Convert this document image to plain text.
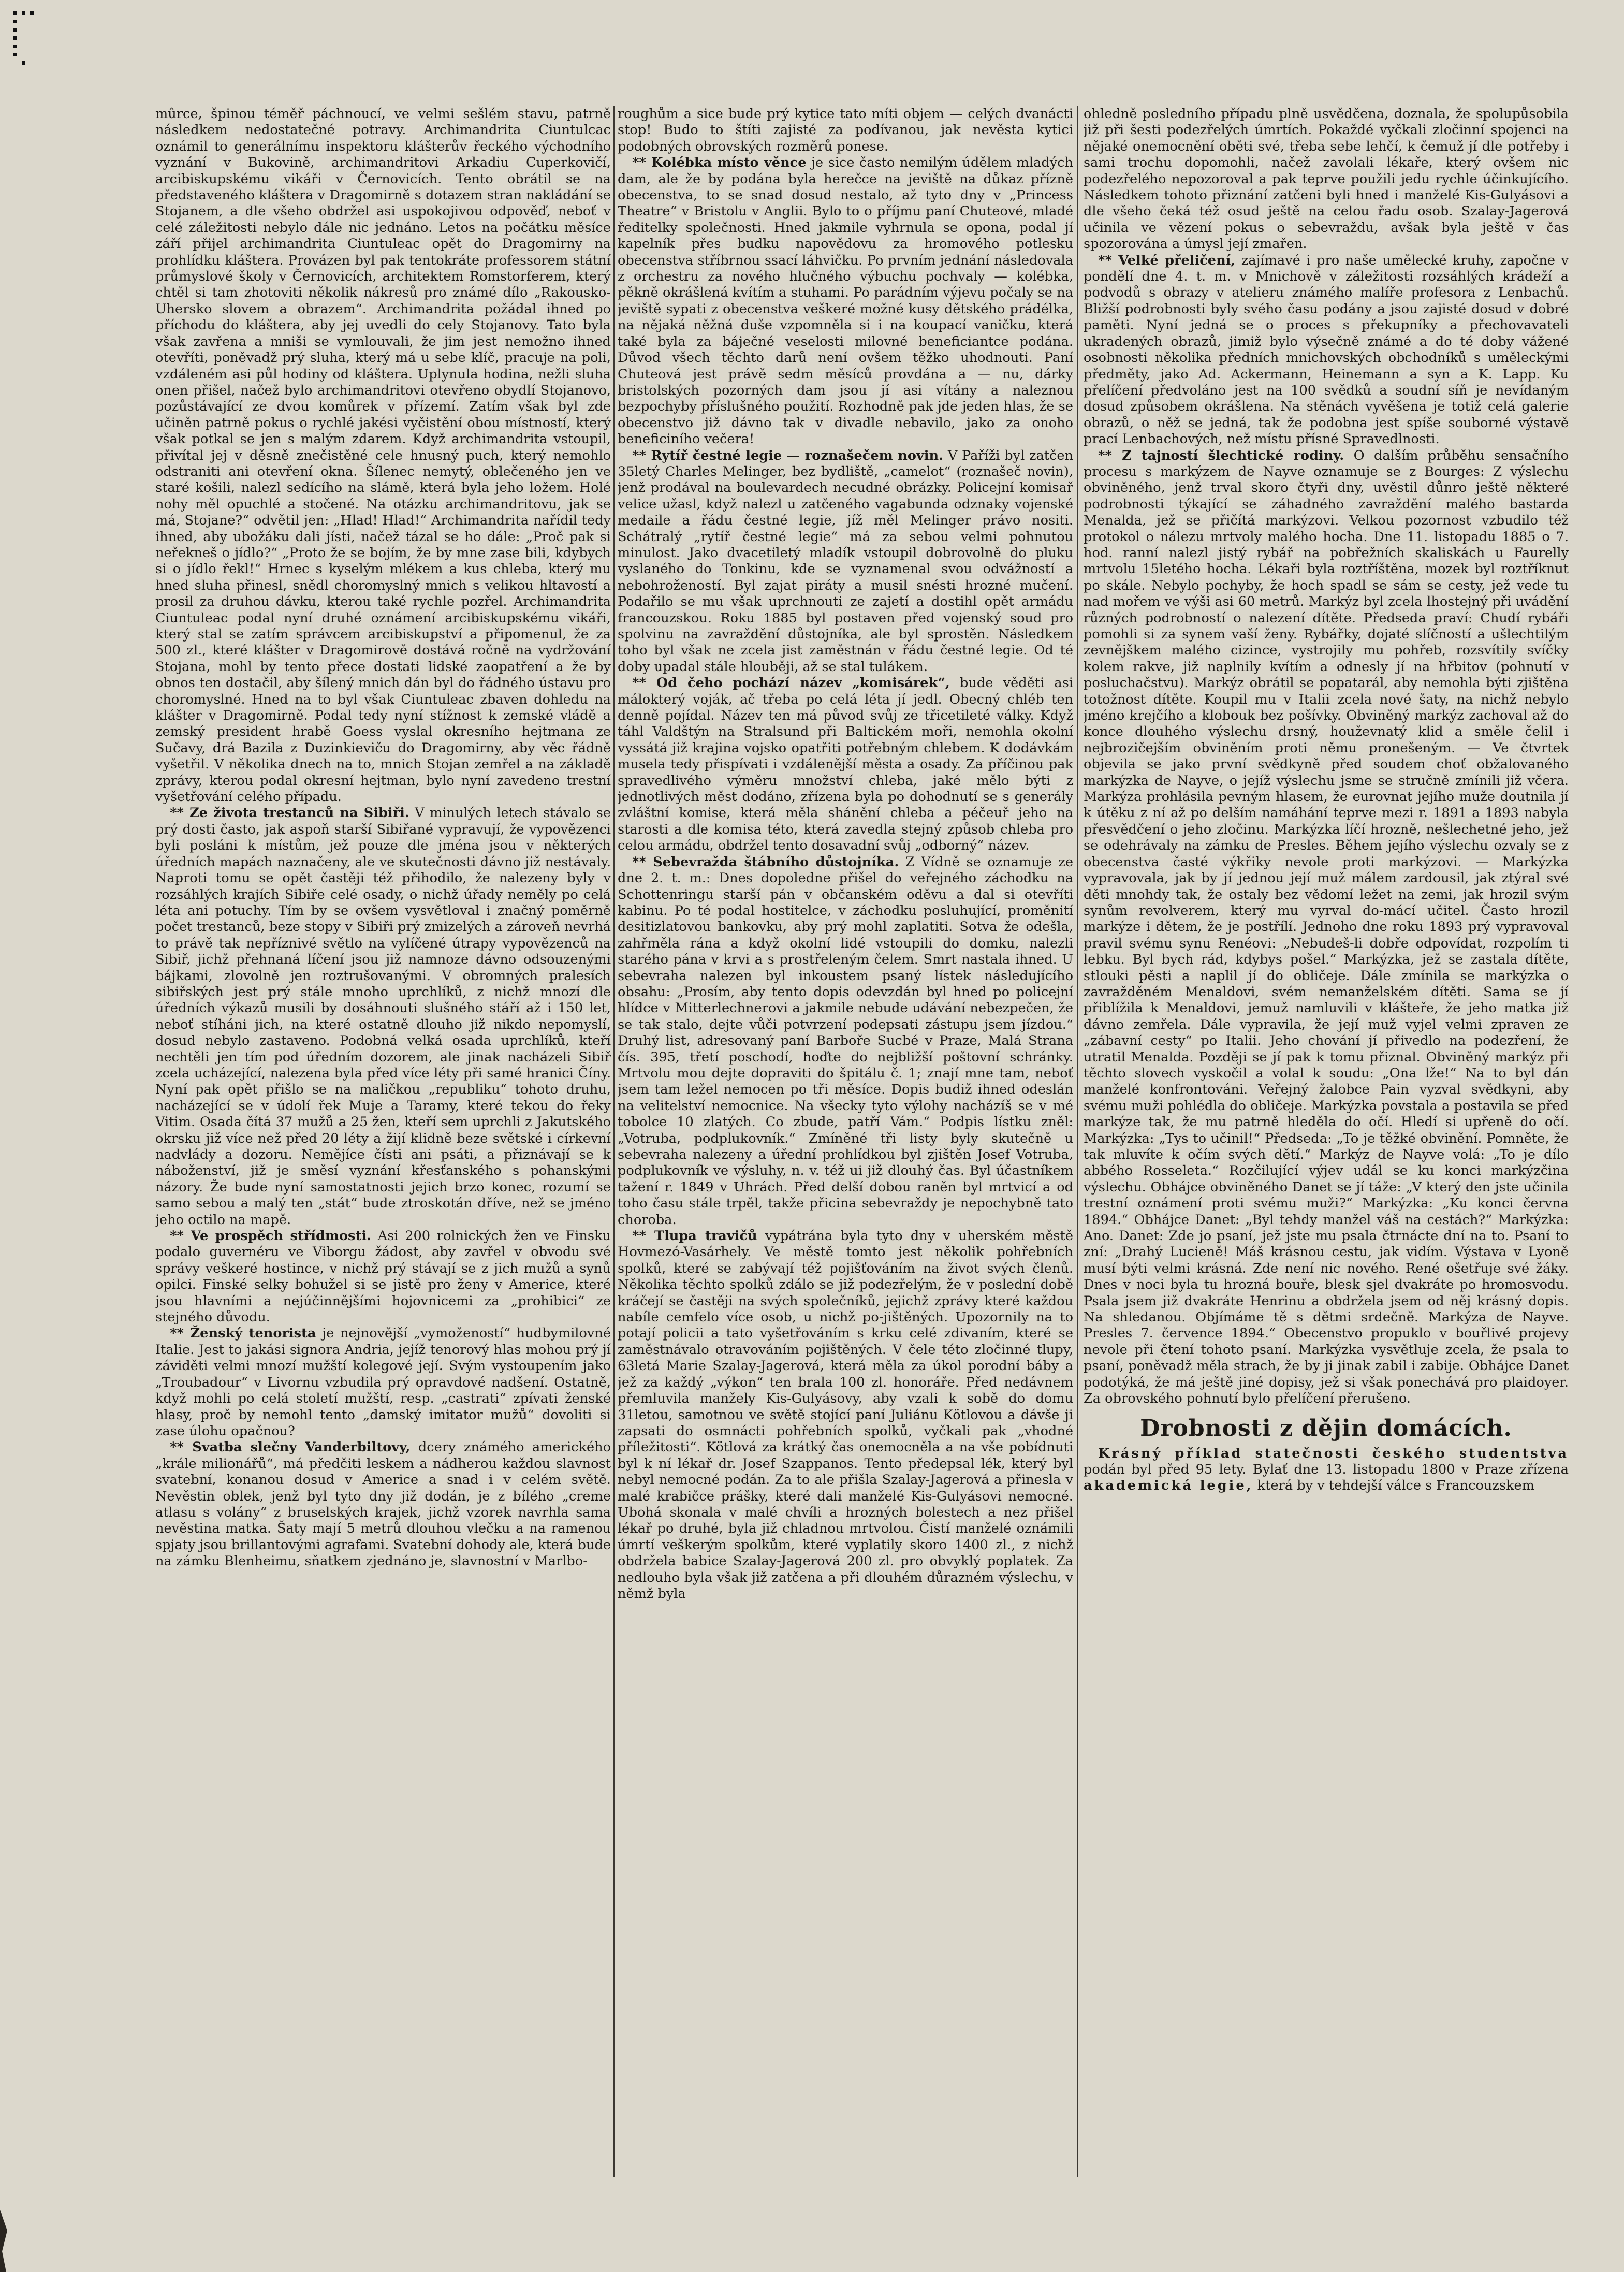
mûrce, špinou téměř páchnoucí, ve velmi sešlém stavu, patrně následkem nedostatečné potravy. Archimandrita Ciuntulcac oznámil to generálnímu inspektoru klášterův řeckého východního vyznání v Bukovině, archimandritovi Arkadiu Cuperkovičí, arcibiskupskému vikáři v Černovicích. Tento obrátil se na představeného kláštera v Dragomirně s dotazem stran nakládání se Stojanem, a dle všeho obdržel asi uspokojivou odpověď, neboť v celé záležitosti nebylo dále nic jednáno. Letos na počátku měsíce září přijel archimandrita Ciuntuleac opět do Dragomirny na prohlídku kláštera. Provázen byl pak tentokráte professorem státní průmyslové školy v Černovicích, architektem Romstorferem, který chtěl si tam zhotoviti několik nákresů pro známé dílo „Rakousko-Uhersko slovem a obrazem“. Archimandrita požádal ihned po příchodu do kláštera, aby jej uvedli do cely Stojanovy. Tato byla však zavřena a mniši se vymlouvali, že jim jest nemožno ihned otevříti, poněvadž prý sluha, který má u sebe klíč, pracuje na poli, vzdáleném asi půl hodiny od kláštera. Uplynula hodina, nežli sluha onen přišel, načež bylo archimandritovi otevřeno obydlí Stojanovo, pozůstávající ze dvou komůrek v přízemí. Zatím však byl zde učiněn patrně pokus o rychlé jakési vyčistění obou místností, který však potkal se jen s malým zdarem. Když archimandrita vstoupil, přivítal jej v děsně znečistěné cele hnusný puch, který nemohlo odstraniti ani otevření okna. Šílenec nemytý, oblečeného jen ve staré košili, nalezl sedícího na slámě, která byla jeho ložem. Holé nohy měl opuchlé a stočené. Na otázku archimandritovu, jak se má, Stojane?“ odvětil jen: „Hlad! Hlad!“ Archimandrita nařídil tedy ihned, aby ubožáku dali jísti, načež tázal se ho dále: „Proč pak si neřekneš o jídlo?“ „Proto že se bojím, že by mne zase bili, kdybych si o jídlo řekl!“ Hrnec s kyselým mlékem a kus chleba, který mu hned sluha přinesl, snědl choromyslný mnich s velikou hltavostí a prosil za druhou dávku, kterou také rychle pozřel. Archimandrita Ciuntuleac podal nyní druhé oznámení arcibiskupskému vikáři, který stal se zatím správcem arcibiskupství a připomenul, že za 500 zl., které klášter v Dragomirově dostává ročně na vydržování Stojana, mohl by tento přece dostati lidské zaopatření a že by obnos ten dostačil, aby šílený mnich dán byl do řádného ústavu pro choromyslné. Hned na to byl však Ciuntuleac zbaven dohledu na klášter v Dragomirně. Podal tedy nyní stížnost k zemské vládě a zemský president hrabě Goess vyslal okresního hejtmana ze Sučavy, drá Bazila z Duzinkieviču do Dragomirny, aby věc řádně vyšetřil. V několika dnech na to, mnich Stojan zemřel a na základě zprávy, kterou podal okresní hejtman, bylo nyní zavedeno trestní vyšetřování celého případu.

** Ze života trestanců na Sibiři. V minulých letech stávalo se prý dosti často, jak aspoň starší Sibiřané vypravují, že vypovězenci byli posláni k místům, jež pouze dle jména jsou v některých úředních mapách naznačeny, ale ve skutečnosti dávno již nestávaly. Naproti tomu se opět častěji též přihodilo, že nalezeny byly v rozsáhlých krajích Sibiře celé osady, o nichž úřady neměly po celá léta ani potuchy. Tím by se ovšem vysvětloval i značný poměrně počet trestanců, beze stopy v Sibiři prý zmizelých a zároveň nevrhá to právě tak nepříznivé světlo na vylíčené útrapy vypovězenců na Sibiř, jichž přehnaná líčení jsou již namnoze dávno odsouzenými bájkami, zlovolně jen roztrušovanými. V obromných pralesích sibiřských jest prý stále mnoho uprchlíků, z nichž mnozí dle úředních výkazů musili by dosáhnouti slušného stáří až i 150 let, neboť stíháni jich, na které ostatně dlouho již nikdo nepomyslí, dosud nebylo zastaveno. Podobná velká osada uprchlíků, kteří nechtěli jen tím pod úředním dozorem, ale jinak nacházeli Sibiř zcela ucházející, nalezena byla před více léty při samé hranici Číny. Nyní pak opět přišlo se na maličkou „republiku“ tohoto druhu, nacházející se v údolí řek Muje a Taramy, které tekou do řeky Vitim. Osada čítá 37 mužů a 25 žen, kteří sem uprchli z Jakutského okrsku již více než před 20 léty a žijí klidně beze světské i církevní nadvlády a dozoru. Nemějíce čísti ani psáti, a přiznávají se k náboženství, již je směsí vyznání křesťanského s pohanskými názory. Že bude nyní samostatnosti jejich brzo konec, rozumí se samo sebou a malý ten „stát“ bude ztroskotán dříve, než se jméno jeho octilo na mapě.

** Ve prospěch střídmosti. Asi 200 rolnických žen ve Finsku podalo guvernéru ve Viborgu žádost, aby zavřel v obvodu své správy veškeré hostince, v nichž prý stávají se z jich mužů a synů opilci. Finské selky bohužel si se jistě pro ženy v Americe, které jsou hlavními a nejúčinnějšími hojovnicemi za „prohibici“ ze stejného důvodu.

** Ženský tenorista je nejnovější „vymožeností“ hudbymilovné Italie. Jest to jakási signora Andria, jejíž tenorový hlas mohou prý jí záviděti velmi mnozí mužští kolegové její. Svým vystoupením jako „Troubadour“ v Livornu vzbudila prý opravdové nadšení. Ostatně, když mohli po celá století mužští, resp. „castrati“ zpívati ženské hlasy, proč by nemohl tento „damský imitator mužů“ dovoliti si zase úlohu opačnou?

** Svatba slečny Vanderbiltovy, dcery známého amerického „krále milionářů“, má předčiti leskem a nádherou každou slavnost svatební, konanou dosud v Americe a snad i v celém světě. Nevěstin oblek, jenž byl tyto dny již dodán, je z bílého „creme atlasu s volány“ z bruselských krajek, jichž vzorek navrhla sama nevěstina matka. Šaty mají 5 metrů dlouhou vlečku a na ramenou spjaty jsou brillantovými agrafami. Svatební dohody ale, která bude na zámku Blenheimu, sňatkem zjednáno je, slavnostní v Marlbo-

roughům a sice bude prý kytice tato míti objem — celých dvanácti stop! Budo to štíti zajisté za podívanou, jak nevěsta kytici podobných obrovských rozměrů ponese.

** Kolébka místo věnce je sice často nemilým údělem mladých dam, ale že by podána byla herečce na jeviště na důkaz přízně obecenstva, to se snad dosud nestalo, až tyto dny v „Princess Theatre“ v Bristolu v Anglii. Bylo to o příjmu paní Chuteové, mladé ředitelky společnosti. Hned jakmile vyhrnula se opona, podal jí kapelník přes budku napovědovu za hromového potlesku obecenstva stříbrnou ssací láhvičku. Po prvním jednání následovala z orchestru za nového hlučného výbuchu pochvaly — kolébka, pěkně okrášlená kvítím a stuhami. Po parádním výjevu počaly se na jeviště sypati z obecenstva veškeré možné kusy dětského prádélka, na nějaká něžná duše vzpomněla si i na koupací vaničku, která také byla za báječné veselosti milovné beneficiantce podána. Důvod všech těchto darů není ovšem těžko uhodnouti. Paní Chuteová jest právě sedm měsíců provdána a — nu, dárky bristolských pozorných dam jsou jí asi vítány a naleznou bezpochyby příslušného použití. Rozhodně pak jde jeden hlas, že se obecenstvo již dávno tak v divadle nebavilo, jako za onoho beneficiního večera!

** Rytíř čestné legie — roznašečem novin. V Paříži byl zatčen 35letý Charles Melinger, bez bydliště, „camelot“ (roznašeč novin), jenž prodával na boulevardech necudné obrázky. Policejní komisař velice užasl, když nalezl u zatčeného vagabunda odznaky vojenské medaile a řádu čestné legie, jíž měl Melinger právo nositi. Schátralý „rytíř čestné legie“ má za sebou velmi pohnutou minulost. Jako dvacetiletý mladík vstoupil dobrovolně do pluku vyslaného do Tonkinu, kde se vyznamenal svou odvážností a nebohrožeností. Byl zajat piráty a musil snésti hrozné mučení. Podařilo se mu však uprchnouti ze zajetí a dostihl opět armádu francouzskou. Roku 1885 byl postaven před vojenský soud pro spolvinu na zavraždění důstojníka, ale byl sprostěn. Následkem toho byl však ne zcela jist zaměstnán v řádu čestné legie. Od té doby upadal stále hlouběji, až se stal tulákem.

** Od čeho pochází název „komisárek“, bude věděti asi málokterý voják, ač třeba po celá léta jí jedl. Obecný chléb ten denně pojídal. Název ten má původ svůj ze třicetileté války. Když táhl Valdštýn na Stralsund při Baltickém moři, nemohla okolní vyssátá již krajina vojsko opatřiti potřebným chlebem. K dodávkám musela tedy přispívati i vzdálenější města a osady. Za příčinou pak spravedlivého výměru množství chleba, jaké mělo býti z jednotlivých měst dodáno, zřízena byla po dohodnutí se s generály zvláštní komise, která měla shánění chleba a péčeuř jeho na starosti a dle komisa této, která zavedla stejný způsob chleba pro celou armádu, obdržel tento dosavadní svůj „odborný“ název.

** Sebevražda štábního důstojníka. Z Vídně se oznamuje ze dne 2. t. m.: Dnes dopoledne přišel do veřejného záchodku na Schottenringu starší pán v občanském oděvu a dal si otevříti kabinu. Po té podal hostitelce, v záchodku posluhující, proměnití desitizlatovou bankovku, aby prý mohl zaplatiti. Sotva že odešla, zahřměla rána a když okolní lidé vstoupili do domku, nalezli starého pána v krvi a s prostřeleným čelem. Smrt nastala ihned. U sebevraha nalezen byl inkoustem psaný lístek následujícího obsahu: „Prosím, aby tento dopis odevzdán byl hned po policejní hlídce v Mitterlechnerovi a jakmile nebude udávání nebezpečen, že se tak stalo, dejte vůči potvrzení podepsati zástupu jsem jízdou.“ Druhý list, adresovaný paní Barboře Sucbé v Praze, Malá Strana čís. 395, třetí poschodí, hoďte do nejbližší poštovní schránky. Mrtvolu mou dejte dopraviti do špitálu č. 1; znají mne tam, neboť jsem tam ležel nemocen po tři měsíce. Dopis budiž ihned odeslán na velitelství nemocnice. Na všecky tyto výlohy nacházíš se v mé tobolce 10 zlatých. Co zbude, patří Vám.“ Podpis lístku zněl: „Votruba, podplukovník.“ Zmíněné tři listy byly skutečně u sebevraha nalezeny a úřední prohlídkou byl zjištěn Josef Votruba, podplukovník ve výsluhy, n. v. též ui již dlouhý čas. Byl účastníkem tažení r. 1849 v Uhrách. Před delší dobou raněn byl mrtvicí a od toho času stále trpěl, takže přicina sebevraždy je nepochybně tato choroba.

** Tlupa travičů vypátrána byla tyto dny v uherském městě Hovmezó-Vasárhely. Ve městě tomto jest několik pohřebních spolků, které se zabývají též pojišťováním na život svých členů. Několika těchto spolků zdálo se již podezřelým, že v poslední době kráčejí se častěji na svých společníků, jejichž zprávy které každou nabíle cemfelo více osob, u nichž po-jištěných. Upozornily na to potají policii a tato vyšetřováním s krku celé zdivaním, které se zaměstnávalo otravováním pojištěných. V čele této zločinné tlupy, 63letá Marie Szalay-Jagerová, která měla za úkol porodní báby a jež za každý „výkon“ ten brala 100 zl. honoráře. Před nedávnem přemluvila manžely Kis-Gulyásovy, aby vzali k sobě do domu 31letou, samotnou ve světě stojící paní Juliánu Kötlovou a dávše ji zapsati do osmnácti pohřebních spolků, vyčkali pak „vhodné příležitosti“. Kötlová za krátký čas onemocněla a na vše pobídnuti byl k ní lékař dr. Josef Szappanos. Tento předepsal lék, který byl nebyl nemocné podán. Za to ale přišla Szalay-Jagerová a přinesla v malé krabičce prášky, které dali manželé Kis-Gulyásovi nemocné. Ubohá skonala v malé chvíli a hrozných bolestech a nez přišel lékař po druhé, byla již chladnou mrtvolou. Čistí manželé oznámili úmrtí veškerým spolkům, které vyplatily skoro 1400 zl., z nichž obdržela babice Szalay-Jagerová 200 zl. pro obvyklý poplatek. Za nedlouho byla však již zatčena a při dlouhém důrazném výslechu, v němž byla

ohledně posledního případu plně usvědčena, doznala, že spolupůsobila již při šesti podezřelých úmrtích. Pokaždé vyčkali zločinní spojenci na nějaké onemocnění oběti své, třeba sebe lehčí, k čemuž jí dle potřeby i sami trochu dopomohli, načež zavolali lékaře, který ovšem nic podezřelého nepozoroval a pak teprve použili jedu rychle účinkujícího. Následkem tohoto přiznání zatčeni byli hned i manželé Kis-Gulyásovi a dle všeho čeká též osud ještě na celou řadu osob. Szalay-Jagerová učinila ve vězení pokus o sebevraždu, avšak byla ještě v čas spozorována a úmysl její zmařen.

** Velké přeličení, zajímavé i pro naše umělecké kruhy, započne v pondělí dne 4. t. m. v Mnichově v záležitosti rozsáhlých krádeží a podvodů s obrazy v atelieru známého malíře profesora z Lenbachů. Bližší podrobnosti byly svého času podány a jsou zajisté dosud v dobré paměti. Nyní jedná se o proces s překupníky a přechovavateli ukradených obrazů, jimiž bylo výsečně známé a do té doby vážené osobnosti několika předních mnichovských obchodníků s uměleckými předměty, jako Ad. Ackermann, Heinemann a syn a K. Lapp. Ku přelíčení předvoláno jest na 100 svědků a soudní síň je nevídaným dosud způsobem okrášlena. Na stěnách vyvěšena je totiž celá galerie obrazů, o něž se jedná, tak že podobna jest spíše souborné výstavě prací Lenbachových, než místu přísné Spravedlnosti.

** Z tajností šlechtické rodiny. O dalším průběhu sensačního procesu s markýzem de Nayve oznamuje se z Bourges: Z výslechu obviněného, jenž trval skoro čtyři dny, uvěstil důnro ještě některé podrobnosti týkající se záhadného zavraždění malého bastarda Menalda, jež se přičítá markýzovi. Velkou pozornost vzbudilo též protokol o nálezu mrtvoly malého hocha. Dne 11. listopadu 1885 o 7. hod. ranní nalezl jistý rybář na pobřežních skaliskách u Faurelly mrtvolu 15letého hocha. Lékaři byla roztříštěna, mozek byl roztříknut po skále. Nebylo pochyby, že hoch spadl se sám se cesty, jež vede tu nad mořem ve výši asi 60 metrů. Markýz byl zcela lhostejný při uvádění různých podrobností o nalezení dítěte. Předseda praví: Chudí rybáři pomohli si za synem vaší ženy. Rybářky, dojaté slíčností a ušlechtilým zevnějškem malého cizince, vystrojily mu pohřeb, rozsvítily svíčky kolem rakve, již naplnily kvítím a odnesly jí na hřbitov (pohnutí v posluchačstvu). Markýz obrátil se popatarál, aby nemohla býti zjištěna totožnost dítěte. Koupil mu v Italii zcela nové šaty, na nichž nebylo jméno krejčího a klobouk bez pošívky. Obviněný markýz zachoval až do konce dlouhého výslechu drsný, houževnatý klid a směle čelil i nejbrozičejším obviněním proti němu pronešeným. — Ve čtvrtek objevila se jako první svědkyně před soudem choť obžalovaného markýzka de Nayve, o jejíž výslechu jsme se stručně zmínili již včera. Markýza prohlásila pevným hlasem, že eurovnat jejího muže doutnila jí k útěku z ní až po delším namáhání teprve mezi r. 1891 a 1893 nabyla přesvědčení o jeho zločinu. Markýzka líčí hrozně, nešlechetné jeho, jež se odehrávaly na zámku de Presles. Během jejího výslechu ozvaly se z obecenstva časté výkřiky nevole proti markýzovi. — Markýzka vypravovala, jak by jí jednou její muž málem zardousil, jak ztýral své děti mnohdy tak, že ostaly bez vědomí ležet na zemi, jak hrozil svým synům revolverem, který mu vyrval do-mácí učitel. Často hrozil markýze i dětem, že je postřílí. Jednoho dne roku 1893 prý vypravoval pravil svému synu Renéovi: „Nebudeš-li dobře odpovídat, rozpolím ti lebku. Byl bych rád, kdybys pošel.“ Markýzka, jež se zastala dítěte, stlouki pěsti a naplil jí do obličeje. Dále zmínila se markýzka o zavražděném Menaldovi, svém nemanželském dítěti. Sama se jí přiblížila k Menaldovi, jemuž namluvili v klášteře, že jeho matka již dávno zemřela. Dále vypravila, že její muž vyjel velmi zpraven ze „zábavní cesty“ po Italii. Jeho chování jí přivedlo na podezření, že utratil Menalda. Později se jí pak k tomu přiznal. Obviněný markýz při těchto slovech vyskočil a volal k soudu: „Ona lže!“ Na to byl dán manželé konfrontováni. Veřejný žalobce Pain vyzval svědkyni, aby svému muži pohlédla do obličeje. Markýzka povstala a postavila se před markýze tak, že mu patrně hleděla do očí. Hledí si upřeně do očí. Markýzka: „Tys to učinil!“ Předseda: „To je těžké obvinění. Pomněte, že tak mluvíte k očím svých dětí.“ Markýz de Nayve volá: „To je dílo abbého Rosseleta.“ Rozčilující výjev udál se ku konci markýzčina výslechu. Obhájce obviněného Danet se jí táže: „V který den jste učinila trestní oznámení proti svému muži?“ Markýzka: „Ku konci června 1894.“ Obhájce Danet: „Byl tehdy manžel váš na cestách?“ Markýzka: Ano. Danet: Zde jo psaní, jež jste mu psala čtrnácte dní na to. Psaní to zní: „Drahý Lucieně! Máš krásnou cestu, jak vidím. Výstava v Lyoně musí býti velmi krásná. Zde není nic nového. René ošetřuje své žáky. Dnes v noci byla tu hrozná bouře, blesk sjel dvakráte po hromosvodu. Psala jsem již dvakráte Henrinu a obdržela jsem od něj krásný dopis. Na shledanou. Objímáme tě s dětmi srdečně. Markýza de Nayve. Presles 7. července 1894.“ Obecenstvo propuklo v bouřlivé projevy nevole při čtení tohoto psaní. Markýzka vysvětluje zcela, že psala to psaní, poněvadž měla strach, že by ji jinak zabil i zabije. Obhájce Danet podotýká, že má ještě jiné dopisy, jež si však ponechává pro plaidoyer. Za obrovského pohnutí bylo přelíčení přerušeno.

Drobnosti z dějin domácích.

Krásný příklad statečnosti českého studentstva podán byl před 95 lety. Bylať dne 13. listopadu 1800 v Praze zřízena akademická legie, která by v tehdejší válce s Francouzskem
